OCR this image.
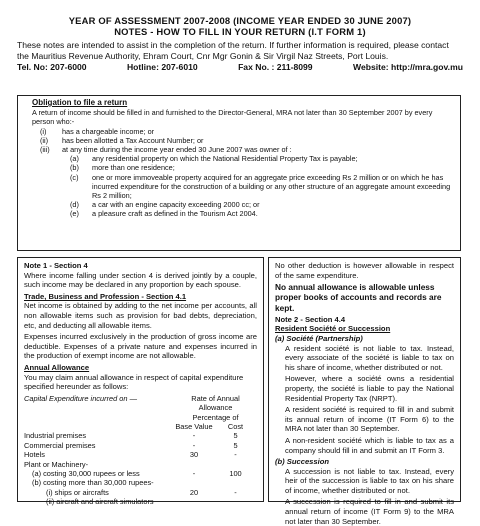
YEAR OF ASSESSMENT 2007-2008 (INCOME YEAR ENDED 30 JUNE 2007)
NOTES - HOW TO FILL IN YOUR RETURN (I.T FORM 1)
These notes are intended to assist in the completion of the return. If further information is required, please contact the Mauritius Revenue Authority, Ehram Court, Cnr Mgr Gonin & Sir Virgil Naz Streets, Port Louis.
Tel. No: 207-6000	Hotline: 207-6010	Fax No. : 211-8099	Website: http://mra.gov.mu
Obligation to file a return
A return of income should be filled in and furnished to the Director-General, MRA not later than 30 September 2007 by every person who:-
(i)	has a chargeable income; or
(ii)	has been allotted a Tax Account Number; or
(iii)	at any time during the income year ended 30 June 2007 was owner of :
(a)	any residential property on which the National Residential Property Tax is payable;
(b)	more than one residence;
(c)	one or more immoveable property acquired for an aggregate price exceeding Rs 2 million or on which he has incurred expenditure for the construction of a building or any other structure of an aggregate amount exceeding Rs 2 million;
(d)	a car with an engine capacity exceeding 2000 cc; or
(e)	a pleasure craft as defined in the Tourism Act 2004.
Note 1 - Section 4

Where income falling under section 4 is derived jointly by a couple, such income may be declared in any proportion by each spouse.

Trade, Business and Profession - Section 4.1

Net income is obtained by adding to the net income per accounts, all non allowable items such as provision for bad debts, depreciation, etc, and deducting all allowable items.

Expenses incurred exclusively in the production of gross income are deductible. Expenses of a private nature and expenses incurred in the production of exempt income are not allowable.

Annual Allowance

You may claim annual allowance in respect of capital expenditure specified hereunder as follows:

Capital Expenditure incurred on —	Rate of Annual Allowance
Percentage of
Base Value	Cost
Industrial premises	-	5
Commercial premises	-	5
Hotels	30	-
Plant or Machinery-
(a) costing 30,000 rupees or less	-	100
(b) costing more than 30,000 rupees-
(i) ships or aircrafts	20	-
(ii) aircraft and aircraft simulators

No other deduction is however allowable in respect of the same expenditure.

No annual allowance is allowable unless proper books of accounts and records are kept.

Note 2 - Section 4.4
Resident Société or Succession
(a) Société (Partnership)

A resident société is not liable to tax. Instead, every associate of the société is liable to tax on his share of income, whether distributed or not.

However, where a société owns a residential property, the société is liable to pay the National Residential Property Tax (NRPT).

A resident société is required to fill in and submit its annual return of income (IT Form 6) to the MRA not later than 30 September.

A non-resident société which is liable to tax as a company should fill in and submit an IT Form 3.

(b) Succession

A succession is not liable to tax. Instead, every heir of the succession is liable to tax on his share of income, whether distributed or not.

A succession is required to fill in and submit its annual return of income (IT Form 9) to the MRA not later than 30 September.
